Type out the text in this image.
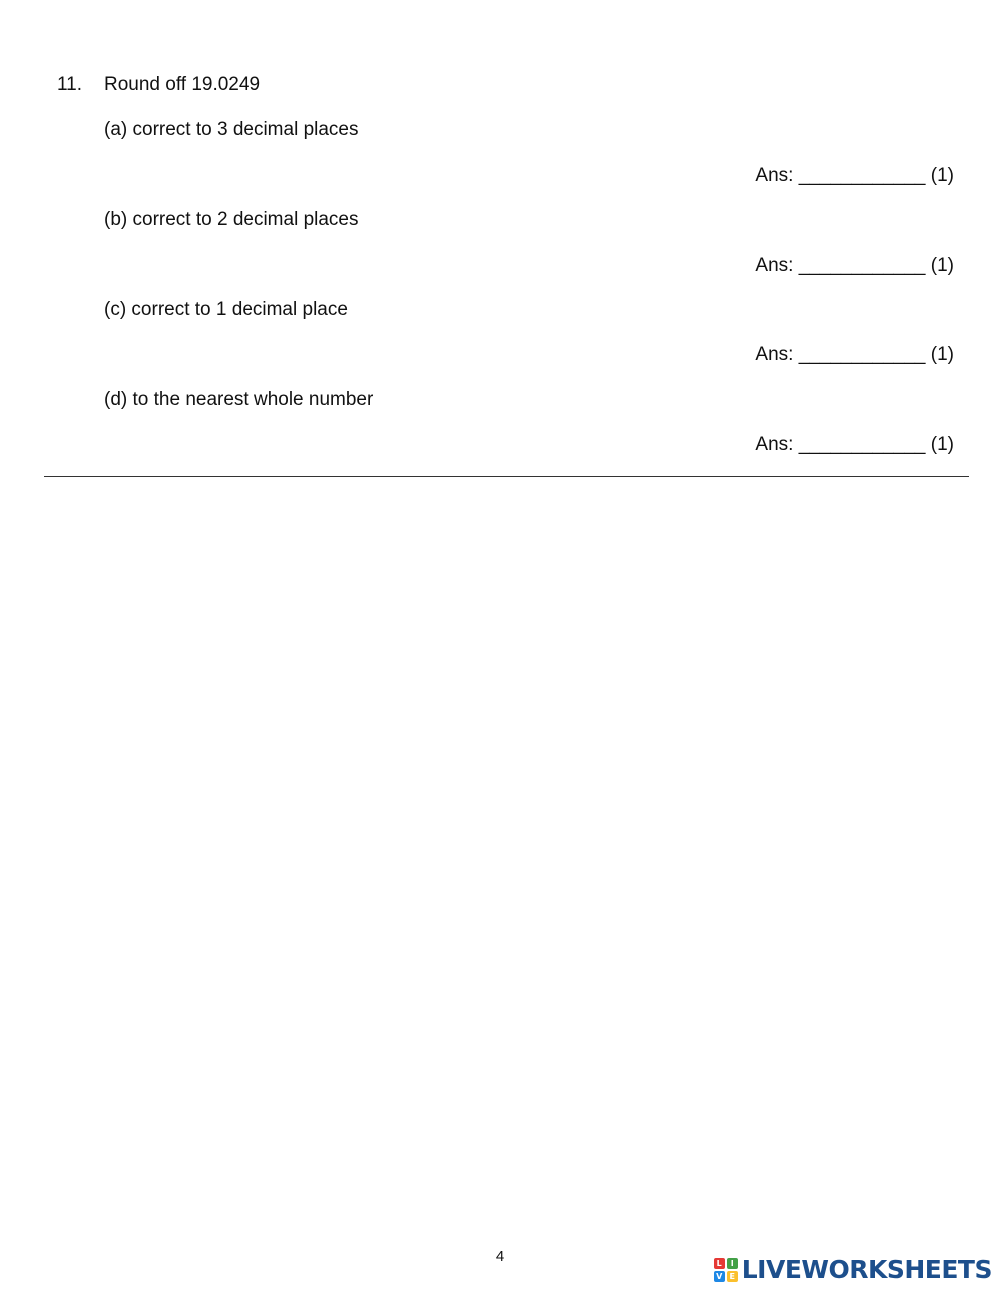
11. Round off 19.0249
(a) correct to 3 decimal places
Ans: ____________ (1)
(b) correct to 2 decimal places
Ans: ____________ (1)
(c) correct to 1 decimal place
Ans: ____________ (1)
(d) to the nearest whole number
Ans: ____________ (1)
4	L	I
V E LIVEWORKSHEETS
